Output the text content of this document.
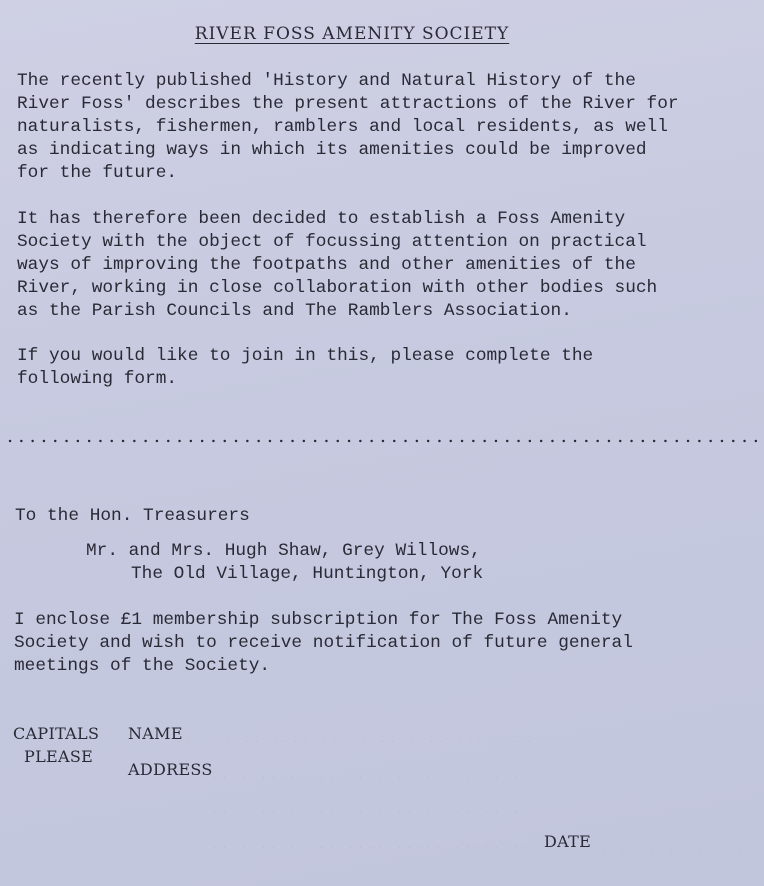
RIVER FOSS AMENITY SOCIETY

The recently published 'History and Natural History of the
River Foss' describes the present attractions of the River for
naturalists, fishermen, ramblers and local residents, as well
as indicating ways in which its amenities could be improved
for the future.

It has therefore been decided to establish a Foss Amenity
Society with the object of focussing attention on practical
ways of improving the footpaths and other amenities of the
River, working in close collaboration with other bodies such
as the Parish Councils and The Ramblers Association.

If you would like to join in this, please complete the
following form.

To the Hon. Treasurers
Mr. and Mrs. Hugh Shaw, Grey Willows,
The Old Village, Huntington, York

I enclose £1 membership subscription for The Foss Amenity
Society and wish to receive notification of future general
meetings of the Society.

CAPITALS
PLEASE
NAME
ADDRESS
DATE
